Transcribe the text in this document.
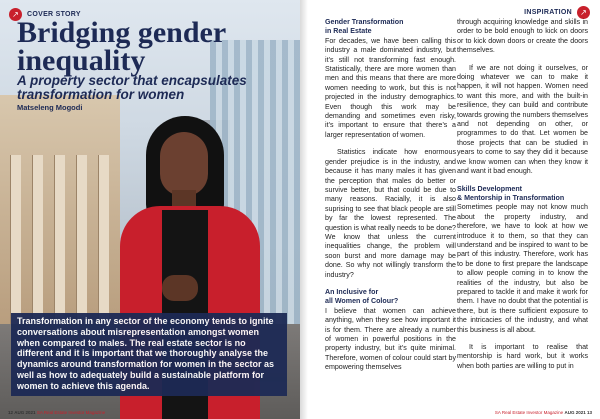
↗	COVER STORY
Bridging gender inequality
A property sector that encapsulates transformation for women
Matseleng Mogodi
Transformation in any sector of the economy tends to ignite conversations about misrepresentation amongst women when compared to males. The real estate sector is no different and it is important that we thoroughly analyse the dynamics around transformation for women in the sector as well as how to adequately build a sustainable platform for women to achieve this agenda.
12 AUG 2021 SA Real Estate Investor Magazine
INSPIRATION	↗

Gender Transformation

in Real Estate

For decades, we have been calling this industry a male dominated industry, but it’s still not transforming fast enough. Statistically, there are more women than men and this means that there are more women needing to work, but this is not projected in the industry demographics. Even though this work may be demanding and sometimes even risky, it’s important to ensure that there’s a larger representation of women.

Statistics indicate how enormous gender prejudice is in the industry, and because it has many males it has given the perception that males do better or survive better, but that could be due to many reasons. Racially, it is also suprising to see that black people are still by far the lowest represented. The question is what really needs to be done? We know that unless the current inequalities change, the problem will soon burst and more damage may be done. So why not willingly transform the industry?

An Inclusive for

all Women of Colour?

I believe that women can achieve anything, when they see how important it is for them. There are already a number of women in powerful positions in the property industry, but it’s quite minimal. Therefore, women of colour could start by empowering themselves

through acquiring knowledge and skills in order to be bold enough to kick on doors or to kick down doors or create the doors themselves.

If we are not doing it ourselves, or doing whatever we can to make it happen, it will not happen. Women need to want this more, and with the built-in resilience, they can build and contribute towards growing the numbers themselves and not depending on other, or programmes to do that. Let women be those projects that can be studied in years to come to say they did it because we know women can when they know it and want it bad enough.

Skills Development

& Mentorship in Transformation

Sometimes people may not know much about the property industry, and therefore, we have to look at how we introduce it to them, so that they can understand and be inspired to want to be part of this industry. Therefore, work has to be done to first prepare the landscape to allow people coming in to know the realities of the industry, but also be prepared to tackle it and make it work for them. I have no doubt that the potential is there, but is there sufficient exposure to the intricacies of the industry, and what this business is all about.

It is important to realise that mentorship is hard work, but it works when both parties are willing to put in

SA Real Estate Investor Magazine AUG 2021 13
